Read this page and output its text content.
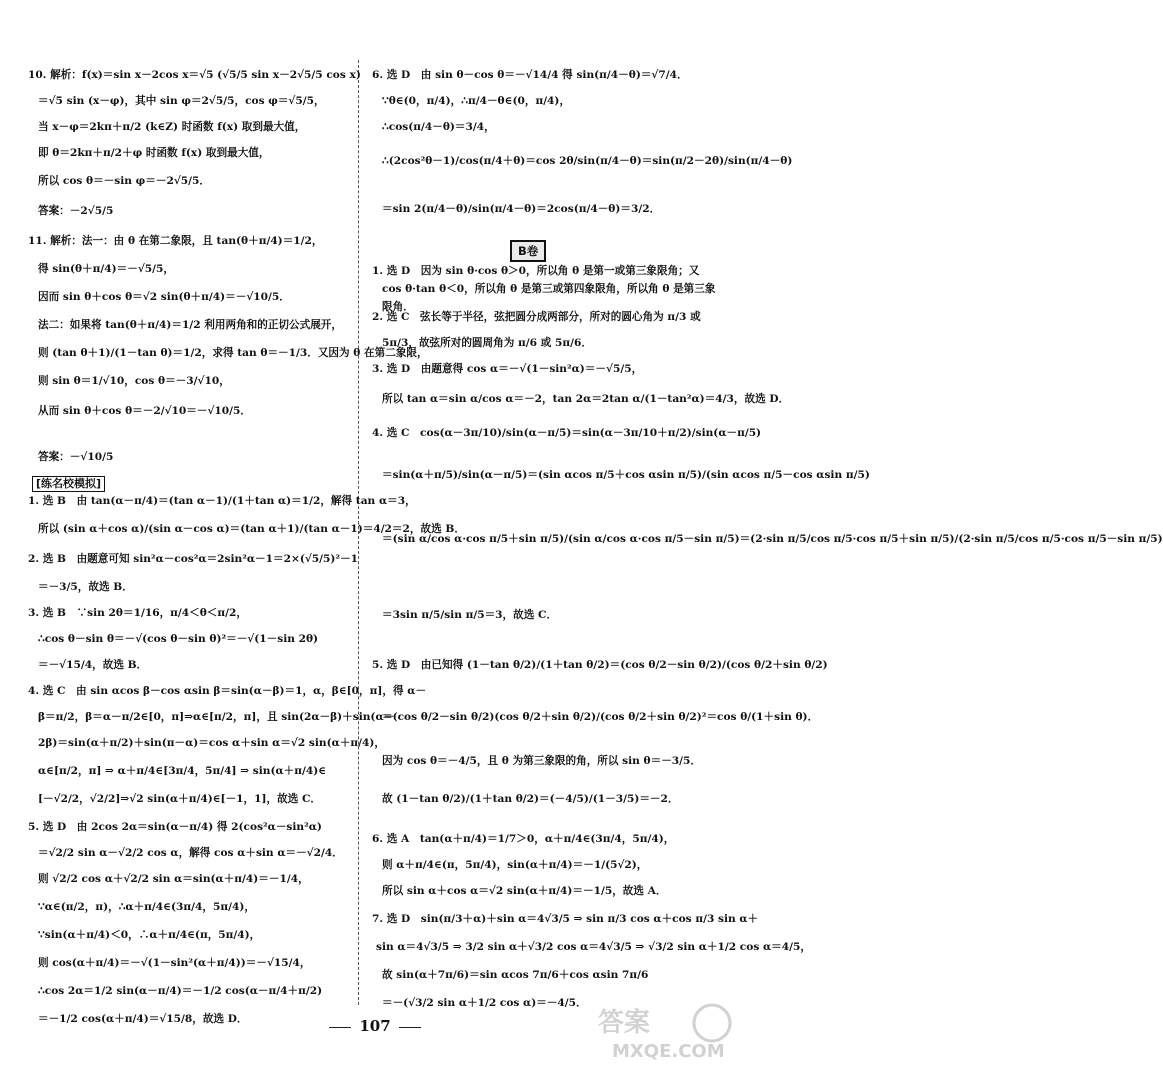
10. 解析：f(x)＝sin x－2cos x＝√5 (√5/5 sin x－2√5/5 cos x)
＝√5 sin (x－φ)，其中 sin φ＝2√5/5，cos φ＝√5/5，
当 x－φ＝2kπ＋π/2 (k∈Z) 时函数 f(x) 取到最大值，
即 θ＝2kπ＋π/2＋φ 时函数 f(x) 取到最大值，
所以 cos θ＝－sin φ＝－2√5/5．
答案：－2√5/5
11. 解析：法一：由 θ 在第二象限，且 tan(θ＋π/4)＝1/2，
得 sin(θ＋π/4)＝－√5/5，
因而 sin θ＋cos θ＝√2 sin(θ＋π/4)＝－√10/5．
法二：如果将 tan(θ＋π/4)＝1/2 利用两角和的正切公式展开，
则 (tan θ＋1)/(1－tan θ)＝1/2，求得 tan θ＝－1/3．又因为 θ 在第二象限，
则 sin θ＝1/√10，cos θ＝－3/√10，
从而 sin θ＋cos θ＝－2/√10＝－√10/5．
答案：－√10/5
[练名校模拟]
1. 选 B　由 tan(α－π/4)＝(tan α－1)/(1＋tan α)＝1/2，解得 tan α＝3，
所以 (sin α＋cos α)/(sin α－cos α)＝(tan α＋1)/(tan α－1)＝4/2＝2，故选 B．
2. 选 B　由题意可知 sin²α－cos²α＝2sin²α－1＝2×(√5/5)²－1
＝－3/5，故选 B．
3. 选 B　∵sin 2θ＝1/16，π/4＜θ＜π/2，
∴cos θ－sin θ＝－√(cos θ－sin θ)²＝－√(1－sin 2θ)
＝－√15/4，故选 B．
4. 选 C　由 sin αcos β－cos αsin β＝sin(α－β)＝1，α，β∈[0，π]，得 α－
β＝π/2，β＝α－π/2∈[0，π]⇒α∈[π/2，π]，且 sin(2α－β)＋sin(α－
2β)＝sin(α＋π/2)＋sin(π－α)＝cos α＋sin α＝√2 sin(α＋π/4)，
α∈[π/2，π] ⇒ α＋π/4∈[3π/4，5π/4] ⇒ sin(α＋π/4)∈
[－√2/2，√2/2]⇒√2 sin(α＋π/4)∈[－1，1]，故选 C．
5. 选 D　由 2cos 2α＝sin(α－π/4) 得 2(cos²α－sin²α)
＝√2/2 sin α－√2/2 cos α，解得 cos α＋sin α＝－√2/4．
则 √2/2 cos α＋√2/2 sin α＝sin(α＋π/4)＝－1/4，
∵α∈(π/2，π)，∴α＋π/4∈(3π/4，5π/4)，
∵sin(α＋π/4)＜0，∴α＋π/4∈(π，5π/4)，
则 cos(α＋π/4)＝－√(1－sin²(α＋π/4))＝－√15/4，
∴cos 2α＝1/2 sin(α－π/4)＝－1/2 cos(α－π/4＋π/2)
＝－1/2 cos(α＋π/4)＝√15/8，故选 D．
6. 选 D　由 sin θ－cos θ＝－√14/4 得 sin(π/4－θ)＝√7/4．
∵θ∈(0，π/4)，∴π/4－θ∈(0，π/4)，
∴cos(π/4－θ)＝3/4，
∴(2cos²θ－1)/cos(π/4＋θ)＝cos 2θ/sin(π/4－θ)＝sin(π/2－2θ)/sin(π/4－θ)
＝sin 2(π/4－θ)/sin(π/4－θ)＝2cos(π/4－θ)＝3/2．
B卷
1. 选 D　因为 sin θ·cos θ＞0，所以角 θ 是第一或第三象限角；又
cos θ·tan θ＜0，所以角 θ 是第三或第四象限角，所以角 θ 是第三象
限角．
2. 选 C　弦长等于半径，弦把圆分成两部分，所对的圆心角为 π/3 或
5π/3，故弦所对的圆周角为 π/6 或 5π/6．
3. 选 D　由题意得 cos α＝－√(1－sin²α)＝－√5/5，
所以 tan α＝sin α/cos α＝－2，tan 2α＝2tan α/(1－tan²α)＝4/3，故选 D．
4. 选 C　cos(α－3π/10)/sin(α－π/5)＝sin(α－3π/10＋π/2)/sin(α－π/5)
＝sin(α＋π/5)/sin(α－π/5)＝(sin αcos π/5＋cos αsin π/5)/(sin αcos π/5－cos αsin π/5)
＝(sin α/cos α·cos π/5＋sin π/5)/(sin α/cos α·cos π/5－sin π/5)＝(2·sin π/5/cos π/5·cos π/5＋sin π/5)/(2·sin π/5/cos π/5·cos π/5－sin π/5)
＝3sin π/5/sin π/5＝3，故选 C．
5. 选 D　由已知得 (1－tan θ/2)/(1＋tan θ/2)＝(cos θ/2－sin θ/2)/(cos θ/2＋sin θ/2)
＝(cos θ/2－sin θ/2)(cos θ/2＋sin θ/2)/(cos θ/2＋sin θ/2)²＝cos θ/(1＋sin θ)．
因为 cos θ＝－4/5，且 θ 为第三象限的角，所以 sin θ＝－3/5．
故 (1－tan θ/2)/(1＋tan θ/2)＝(－4/5)/(1－3/5)＝－2．
6. 选 A　tan(α＋π/4)＝1/7＞0，α＋π/4∈(3π/4，5π/4)，
则 α＋π/4∈(π，5π/4)，sin(α＋π/4)＝－1/(5√2)，
所以 sin α＋cos α＝√2 sin(α＋π/4)＝－1/5，故选 A．
7. 选 D　sin(π/3＋α)＋sin α＝4√3/5 ⇒ sin π/3 cos α＋cos π/3 sin α＋
sin α＝4√3/5 ⇒ 3/2 sin α＋√3/2 cos α＝4√3/5 ⇒ √3/2 sin α＋1/2 cos α＝4/5，
故 sin(α＋7π/6)＝sin αcos 7π/6＋cos αsin 7π/6
＝－(√3/2 sin α＋1/2 cos α)＝－4/5．
107	答案
MXQE.COM
